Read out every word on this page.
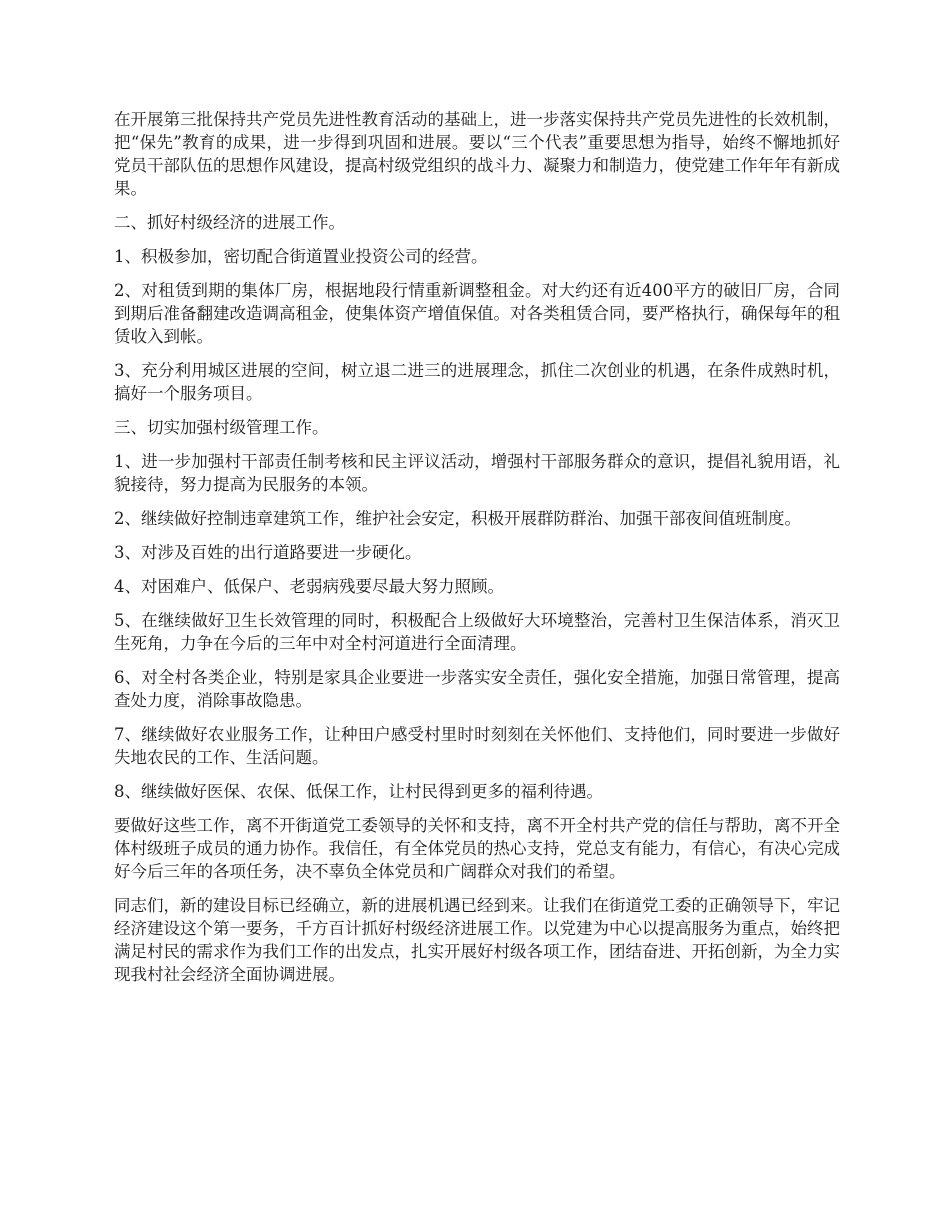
在开展第三批保持共产党员先进性教育活动的基础上，进一步落实保持共产党员先进性的长效机制，把“保先”教育的成果，进一步得到巩固和进展。要以“三个代表”重要思想为指导，始终不懈地抓好党员干部队伍的思想作风建设，提高村级党组织的战斗力、凝聚力和制造力，使党建工作年年有新成果。

二、抓好村级经济的进展工作。

1、积极参加，密切配合街道置业投资公司的经营。

2、对租赁到期的集体厂房，根据地段行情重新调整租金。对大约还有近400平方的破旧厂房，合同到期后准备翻建改造调高租金，使集体资产增值保值。对各类租赁合同，要严格执行，确保每年的租赁收入到帐。

3、充分利用城区进展的空间，树立退二进三的进展理念，抓住二次创业的机遇，在条件成熟时机，搞好一个服务项目。

三、切实加强村级管理工作。

1、进一步加强村干部责任制考核和民主评议活动，增强村干部服务群众的意识，提倡礼貌用语，礼貌接待，努力提高为民服务的本领。

2、继续做好控制违章建筑工作，维护社会安定，积极开展群防群治、加强干部夜间值班制度。

3、对涉及百姓的出行道路要进一步硬化。

4、对困难户、低保户、老弱病残要尽最大努力照顾。

5、在继续做好卫生长效管理的同时，积极配合上级做好大环境整治，完善村卫生保洁体系，消灭卫生死角，力争在今后的三年中对全村河道进行全面清理。

6、对全村各类企业，特别是家具企业要进一步落实安全责任，强化安全措施，加强日常管理，提高查处力度，消除事故隐患。

7、继续做好农业服务工作，让种田户感受村里时时刻刻在关怀他们、支持他们，同时要进一步做好失地农民的工作、生活问题。

8、继续做好医保、农保、低保工作，让村民得到更多的福利待遇。

要做好这些工作，离不开街道党工委领导的关怀和支持，离不开全村共产党的信任与帮助，离不开全体村级班子成员的通力协作。我信任，有全体党员的热心支持，党总支有能力，有信心，有决心完成好今后三年的各项任务，决不辜负全体党员和广阔群众对我们的希望。

同志们，新的建设目标已经确立，新的进展机遇已经到来。让我们在街道党工委的正确领导下，牢记经济建设这个第一要务，千方百计抓好村级经济进展工作。以党建为中心以提高服务为重点，始终把满足村民的需求作为我们工作的出发点，扎实开展好村级各项工作，团结奋进、开拓创新，为全力实现我村社会经济全面协调进展。
